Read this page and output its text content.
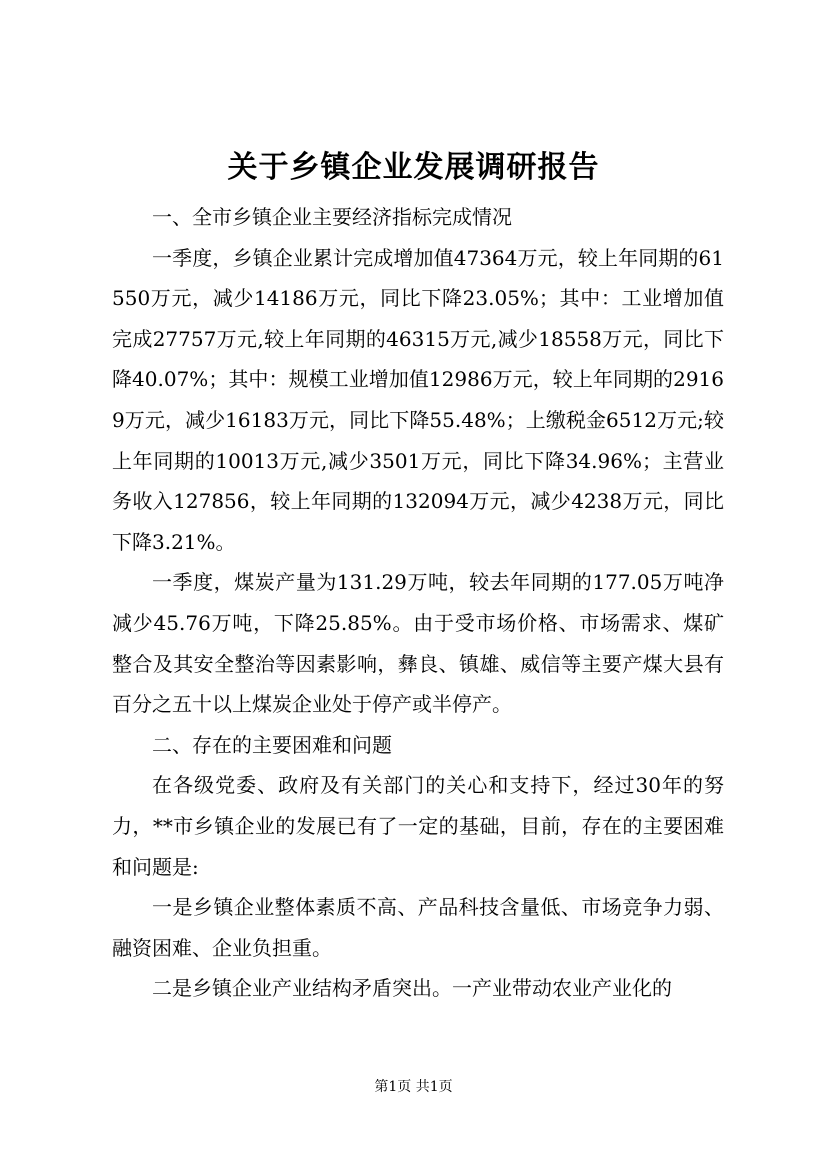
关于乡镇企业发展调研报告

一、全市乡镇企业主要经济指标完成情况

一季度，乡镇企业累计完成增加值47364万元，较上年同期的61550万元，减少14186万元，同比下降23.05%；其中：工业增加值完成27757万元,较上年同期的46315万元,减少18558万元，同比下降40.07%；其中：规模工业增加值12986万元，较上年同期的29169万元，减少16183万元，同比下降55.48%；上缴税金6512万元;较上年同期的10013万元,减少3501万元，同比下降34.96%；主营业务收入127856，较上年同期的132094万元，减少4238万元，同比下降3.21%。

一季度，煤炭产量为131.29万吨，较去年同期的177.05万吨净减少45.76万吨，下降25.85%。由于受市场价格、市场需求、煤矿整合及其安全整治等因素影响，彝良、镇雄、威信等主要产煤大县有百分之五十以上煤炭企业处于停产或半停产。

二、存在的主要困难和问题

在各级党委、政府及有关部门的关心和支持下，经过30年的努力，**市乡镇企业的发展已有了一定的基础，目前，存在的主要困难和问题是:

一是乡镇企业整体素质不高、产品科技含量低、市场竞争力弱、融资困难、企业负担重。

二是乡镇企业产业结构矛盾突出。一产业带动农业产业化的

第1页 共1页
